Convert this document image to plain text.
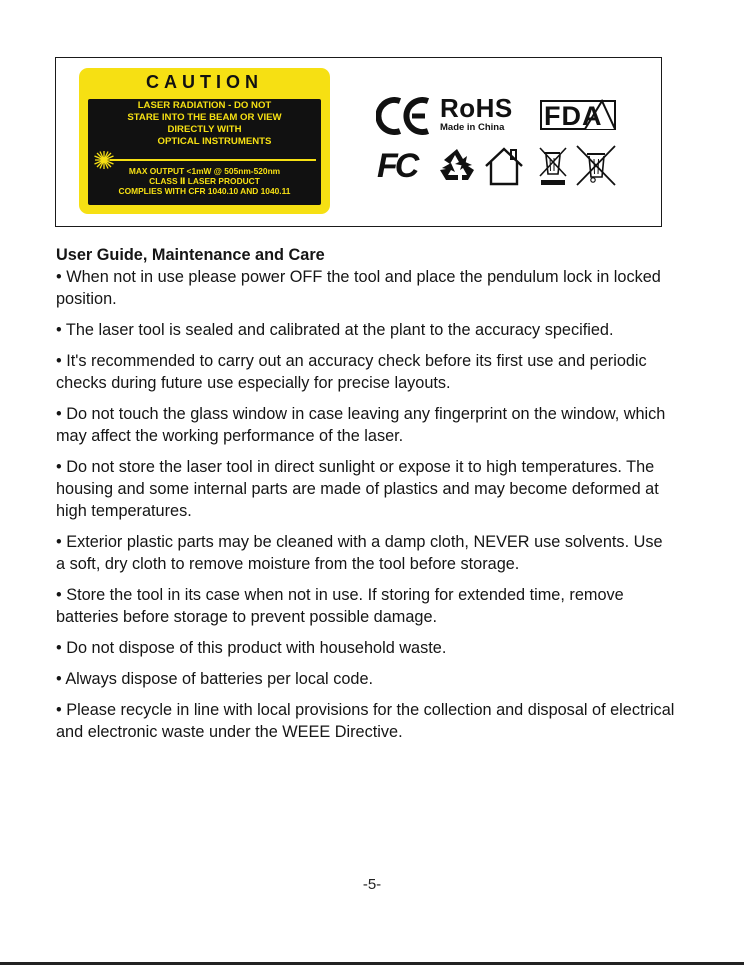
CAUTION
LASER RADIATION - DO NOT
STARE INTO THE BEAM OR VIEW
DIRECTLY WITH
OPTICAL INSTRUMENTS
MAX OUTPUT <1mW @ 505nm-520nm
CLASS Ⅱ LASER PRODUCT
COMPLIES WITH CFR 1040.10 AND 1040.11
RoHS
Made in China	FDA
FC

User Guide, Maintenance and Care

• When not in use please power OFF the tool and place the pendulum lock in locked position.

• The laser tool is sealed and calibrated at the plant to the accuracy specified.

• It's recommended to carry out an accuracy check before its first use and periodic checks during future use especially for precise layouts.

• Do not touch the glass window in case leaving any fingerprint on the window, which may affect the working performance of the laser.

• Do not store the laser tool in direct sunlight or expose it to high temperatures. The housing and some internal parts are made of plastics and may become deformed at high temperatures.

• Exterior plastic parts may be cleaned with a damp cloth, NEVER use solvents. Use a soft, dry cloth to remove moisture from the tool before storage.

• Store the tool in its case when not in use. If storing for extended time, remove batteries before storage to prevent possible damage.

• Do not dispose of this product with household waste.

• Always dispose of batteries per local code.

• Please recycle in line with local provisions for the collection and disposal of electrical and electronic waste under the WEEE Directive.

-5-
